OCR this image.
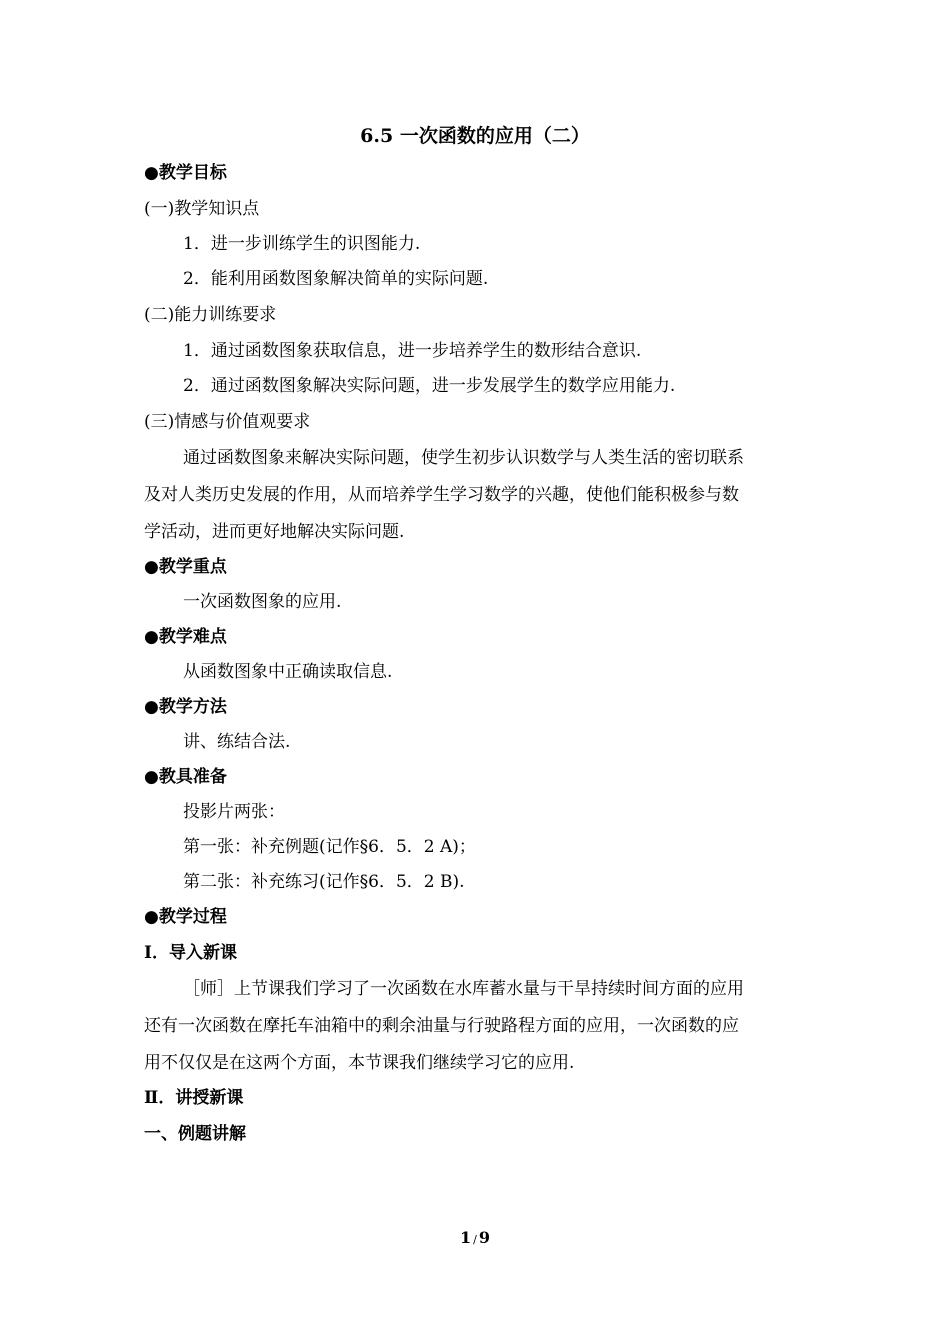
6.5 一次函数的应用（二）
●教学目标
(一)教学知识点
1．进一步训练学生的识图能力.
2．能利用函数图象解决简单的实际问题.
(二)能力训练要求
1．通过函数图象获取信息，进一步培养学生的数形结合意识.
2．通过函数图象解决实际问题，进一步发展学生的数学应用能力.
(三)情感与价值观要求
通过函数图象来解决实际问题，使学生初步认识数学与人类生活的密切联系
及对人类历史发展的作用，从而培养学生学习数学的兴趣，使他们能积极参与数
学活动，进而更好地解决实际问题.
●教学重点
一次函数图象的应用.
●教学难点
从函数图象中正确读取信息.
●教学方法
讲、练结合法.
●教具准备
投影片两张：
第一张：补充例题(记作§6．5．2 A)；
第二张：补充练习(记作§6．5．2 B).
●教学过程
Ⅰ．导入新课
［师］上节课我们学习了一次函数在水库蓄水量与干旱持续时间方面的应用
还有一次函数在摩托车油箱中的剩余油量与行驶路程方面的应用，一次函数的应
用不仅仅是在这两个方面，本节课我们继续学习它的应用.
Ⅱ．讲授新课
一、例题讲解
1 / 9
